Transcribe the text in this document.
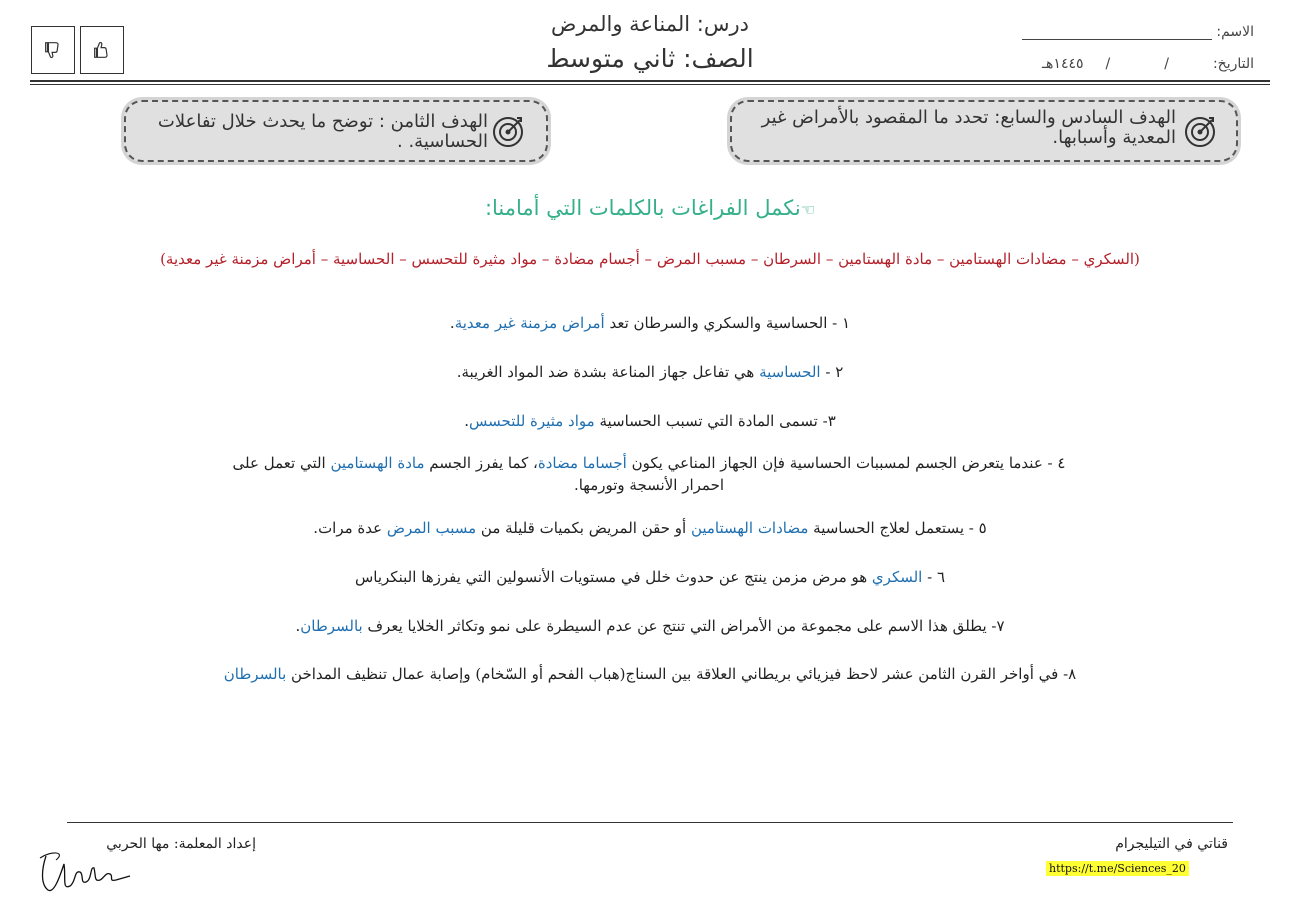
درس: المناعة والمرض
الصف: ثاني متوسط
الاسم:
التاريخ:
/
/
١٤٤٥هـ
الهدف السادس والسابع: تحدد ما المقصود بالأمراض غير المعدية وأسبابها.
الهدف الثامن : توضح ما يحدث خلال تفاعلات الحساسية. .
☜نكمل الفراغات بالكلمات التي أمامنا:
(السكري – مضادات الهستامين – مادة الهستامين – السرطان – مسبب المرض – أجسام مضادة – مواد مثيرة للتحسس – الحساسية – أمراض مزمنة غير معدية)
١ - الحساسية والسكري والسرطان تعد أمراض مزمنة غير معدية.
٢ - الحساسية هي تفاعل جهاز المناعة بشدة ضد المواد الغريبة.
٣- تسمى المادة التي تسبب الحساسية مواد مثيرة للتحسس.
٤ - عندما يتعرض الجسم لمسببات الحساسية فإن الجهاز المناعي يكون أجساما مضادة، كما يفرز الجسم مادة الهستامين التي تعمل على احمرار الأنسجة وتورمها.
٥ - يستعمل لعلاج الحساسية مضادات الهستامين أو حقن المريض بكميات قليلة من مسبب المرض عدة مرات.
٦ - السكري هو مرض مزمن ينتج عن حدوث خلل في مستويات الأنسولين التي يفرزها البنكرياس
٧- يطلق هذا الاسم على مجموعة من الأمراض التي تنتج عن عدم السيطرة على نمو وتكاثر الخلايا يعرف بالسرطان.
٨- في أواخر القرن الثامن عشر لاحظ فيزيائي بريطاني العلاقة بين السناج(هباب الفحم أو السّخام) وإصابة عمال تنظيف المداخن بالسرطان
قناتي في التيليجرام
https://t.me/Sciences_20
إعداد المعلمة: مها الحربي
